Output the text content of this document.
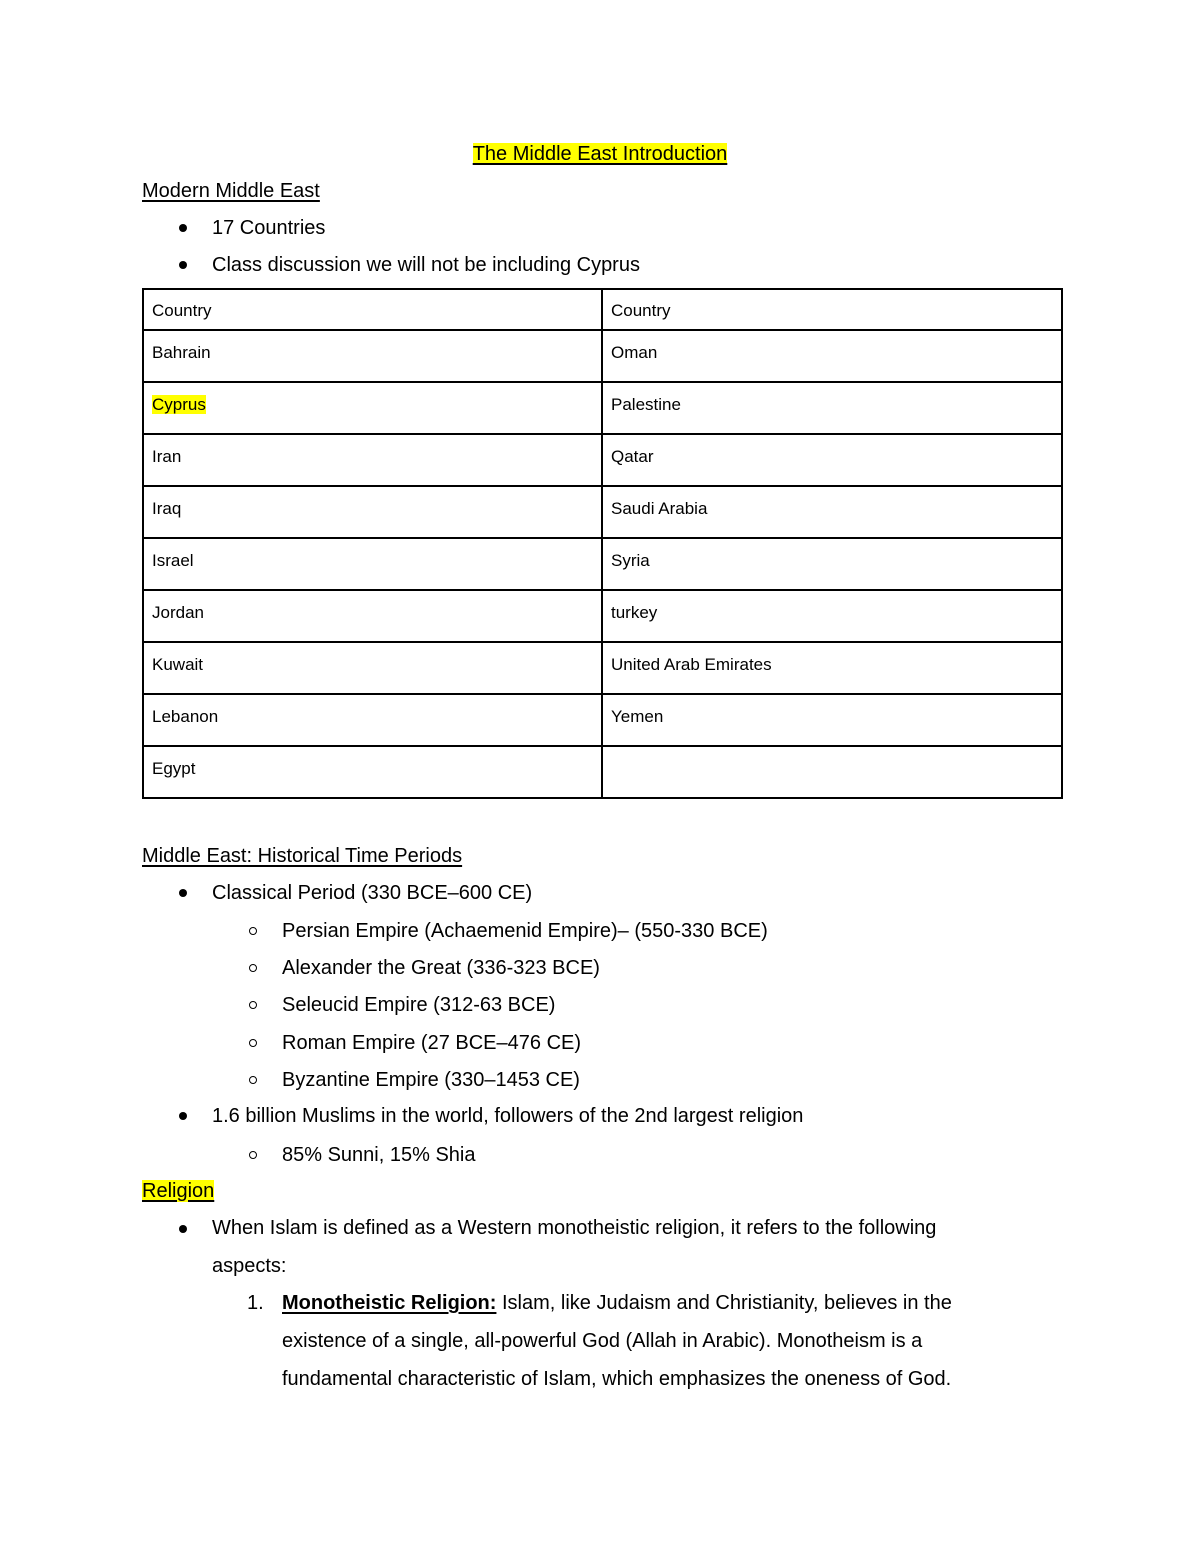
The Middle East Introduction
Modern Middle East
17 Countries
Class discussion we will not be including Cyprus
Country	Country
Bahrain	Oman
Cyprus	Palestine
Iran	Qatar
Iraq	Saudi Arabia
Israel	Syria
Jordan	turkey
Kuwait	United Arab Emirates
Lebanon	Yemen
Egypt	
Middle East: Historical Time Periods
Classical Period (330 BCE–600 CE)
Persian Empire (Achaemenid Empire)– (550-330 BCE)
Alexander the Great (336-323 BCE)
Seleucid Empire (312-63 BCE)
Roman Empire (27 BCE–476 CE)
Byzantine Empire (330–1453 CE)
1.6 billion Muslims in the world, followers of the 2nd largest religion
85% Sunni, 15% Shia
Religion
When Islam is defined as a Western monotheistic religion, it refers to the following aspects:
1. Monotheistic Religion: Islam, like Judaism and Christianity, believes in the existence of a single, all-powerful God (Allah in Arabic). Monotheism is a fundamental characteristic of Islam, which emphasizes the oneness of God.
